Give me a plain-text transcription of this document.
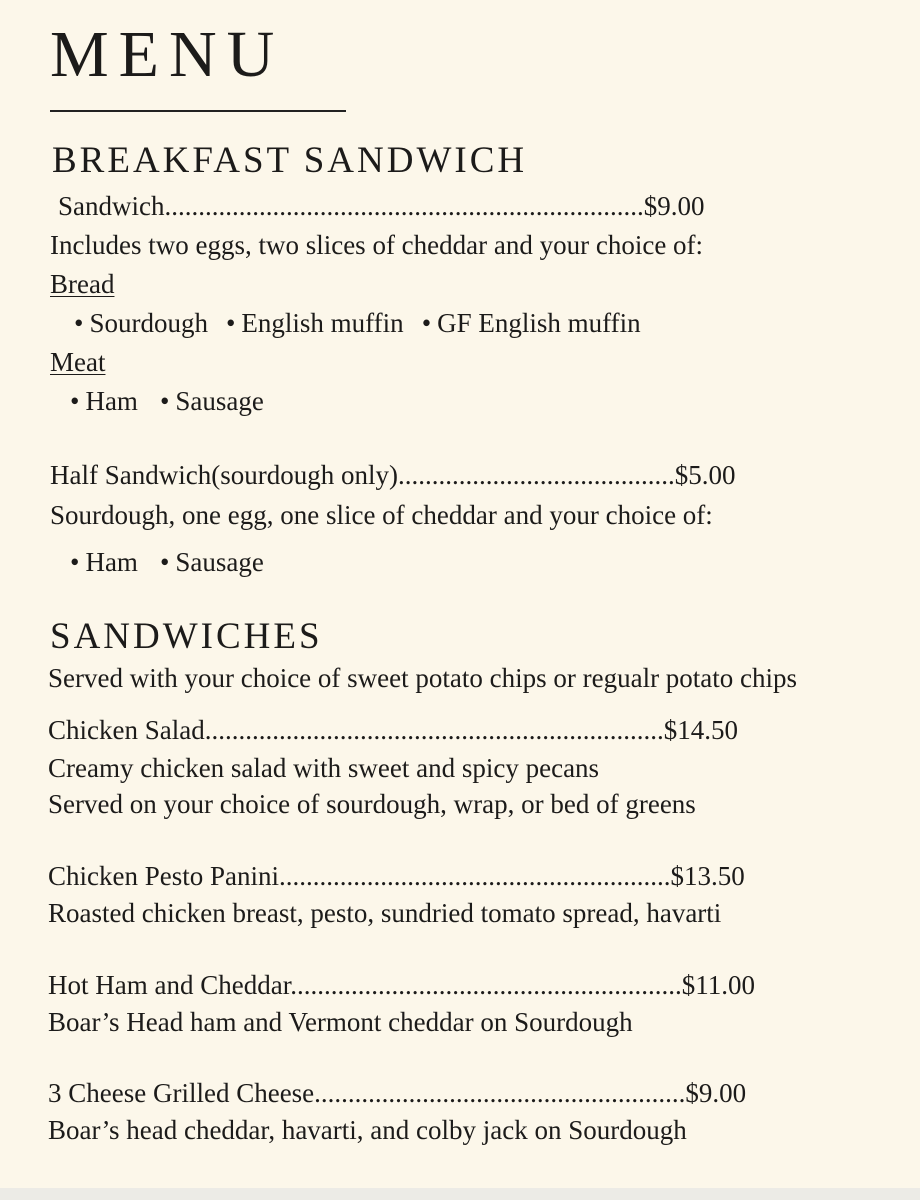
MENU
BREAKFAST SANDWICH
Sandwich.......................................................................$9.00
Includes two eggs, two slices of cheddar and your choice of:
Bread
• Sourdough • English muffin • GF English muffin
Meat
• Ham • Sausage
Half Sandwich(sourdough only).........................................$5.00
Sourdough, one egg, one slice of cheddar and your choice of:
• Ham • Sausage
SANDWICHES
Served with your choice of sweet potato chips or regualr potato chips
Chicken Salad....................................................................$14.50
Creamy chicken salad with sweet and spicy pecans
Served on your choice of sourdough, wrap, or bed of greens
Chicken Pesto Panini..........................................................$13.50
Roasted chicken breast, pesto, sundried tomato spread, havarti
Hot Ham and Cheddar..........................................................$11.00
Boar’s Head ham and Vermont cheddar on Sourdough
3 Cheese Grilled Cheese.......................................................$9.00
Boar’s head cheddar, havarti, and colby jack on Sourdough
